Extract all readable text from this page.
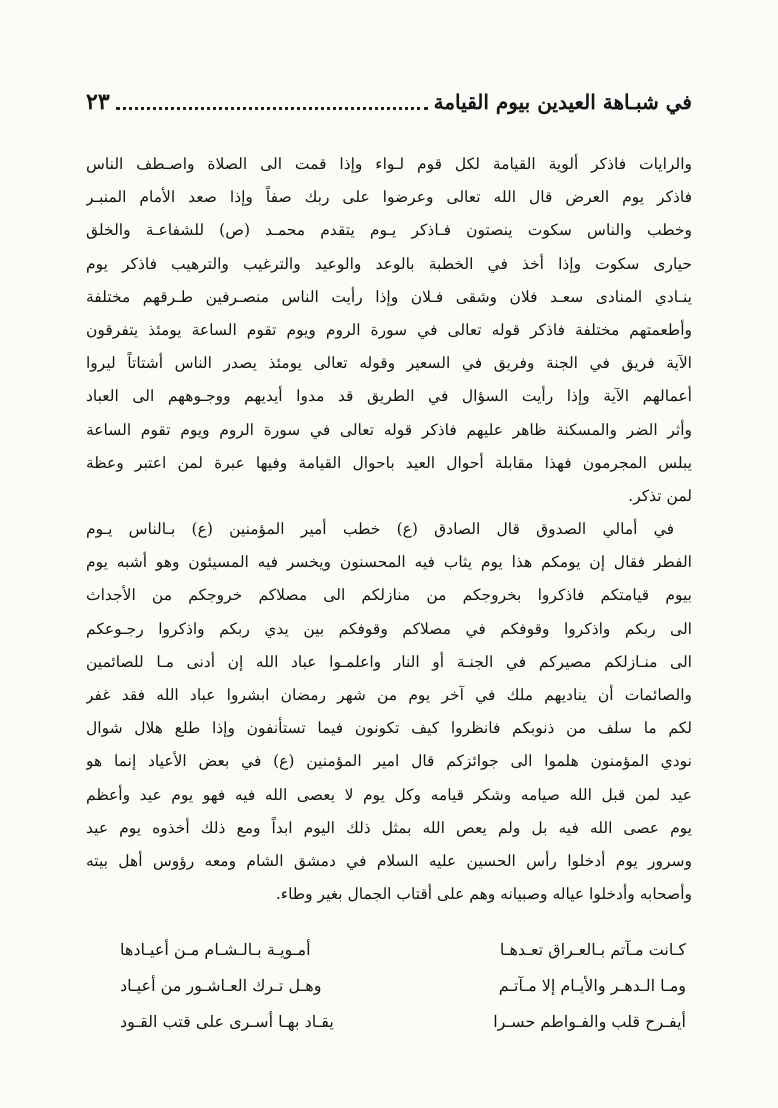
في شبـاهة العيدين بيوم القيامة
٢٣
والرايات فاذكر ألوية القيامة لكل قوم لـواء وإذا قمت الى الصلاة واصـطف الناس
فاذكر يوم العرض قال الله تعالى وعرضوا على ربك صفاً وإذا صعد الأمام المنبـر
وخطب والناس سكوت ينصتون فـاذكر يـوم يتقدم محمـد (ص) للشفاعـة والخلق
حيارى سكوت وإذا أخذ في الخطبة بالوعد والوعيد والترغيب والترهيب فاذكر يوم
ينـادي المنادى سعـد فلان وشقى فـلان وإذا رأيت الناس منصـرفين طـرقهم مختلفة
وأطعمتهم مختلفة فاذكر قوله تعالى في سورة الروم ويوم تقوم الساعة يومئذ يتفرقون
الآية فريق في الجنة وفريق في السعير وقوله تعالى يومئذ يصدر الناس أشتاتاً ليروا
أعمالهم الآية وإذا رأيت السؤال في الطريق قد مدوا أيديهم ووجـوههم الى العباد
وأثر الضر والمسكنة ظاهر عليهم فاذكر قوله تعالى في سورة الروم ويوم تقوم الساعة
يبلس المجرمون فهذا مقابلة أحوال العيد باحوال القيامة وفيها عبرة لمن اعتبر وعظة
لمن تذكر.
في أمالي الصدوق قال الصادق (ع) خطب أمير المؤمنين (ع) بـالناس يـوم
الفطر فقال إن يومكم هذا يوم يثاب فيه المحسنون ويخسر فيه المسيئون وهو أشبه يوم
بيوم قيامتكم فاذكروا بخروجكم من منازلكم الى مصلاكم خروجكم من الأجداث
الى ربكم واذكروا وقوفكم في مصلاكم وقوفكم بين يدي ربكم واذكروا رجـوعكم
الى منـازلكم مصيركم في الجنـة أو النار واعلمـوا عباد الله إن أدنى مـا للصائمين
والصائمات أن يناديهم ملك في آخر يوم من شهر رمضان ابشروا عباد الله فقد غفر
لكم ما سلف من ذنوبكم فانظروا كيف تكونون فيما تستأنفون وإذا طلع هلال شوال
نودي المؤمنون هلموا الى جوائزكم قال امير المؤمنين (ع) في بعض الأعياد إنما هو
عيد لمن قبل الله صيامه وشكر قيامه وكل يوم لا يعصى الله فيه فهو يوم عيد وأعظم
يوم عصى الله فيه بل ولم يعص الله بمثل ذلك اليوم ابداً ومع ذلك أخذوه يوم عيد
وسرور يوم أدخلوا رأس الحسين عليه السلام في دمشق الشام ومعه رؤوس أهل بيته
وأصحابه وأدخلوا عياله وصبيانه وهم على أقتاب الجمال بغير وطاء.
كـانت مـآتم بـالعـراق تعـدهـا
أمـويـة بـالـشـام مـن أعيـادها
ومـا الـدهـر والأيـام إلا مـآتـم
وهـل تـرك العـاشـور من أعيـاد
أيفـرح قلب والفـواطم حسـرا
يقـاد بهـا أسـرى على قتب القـود
